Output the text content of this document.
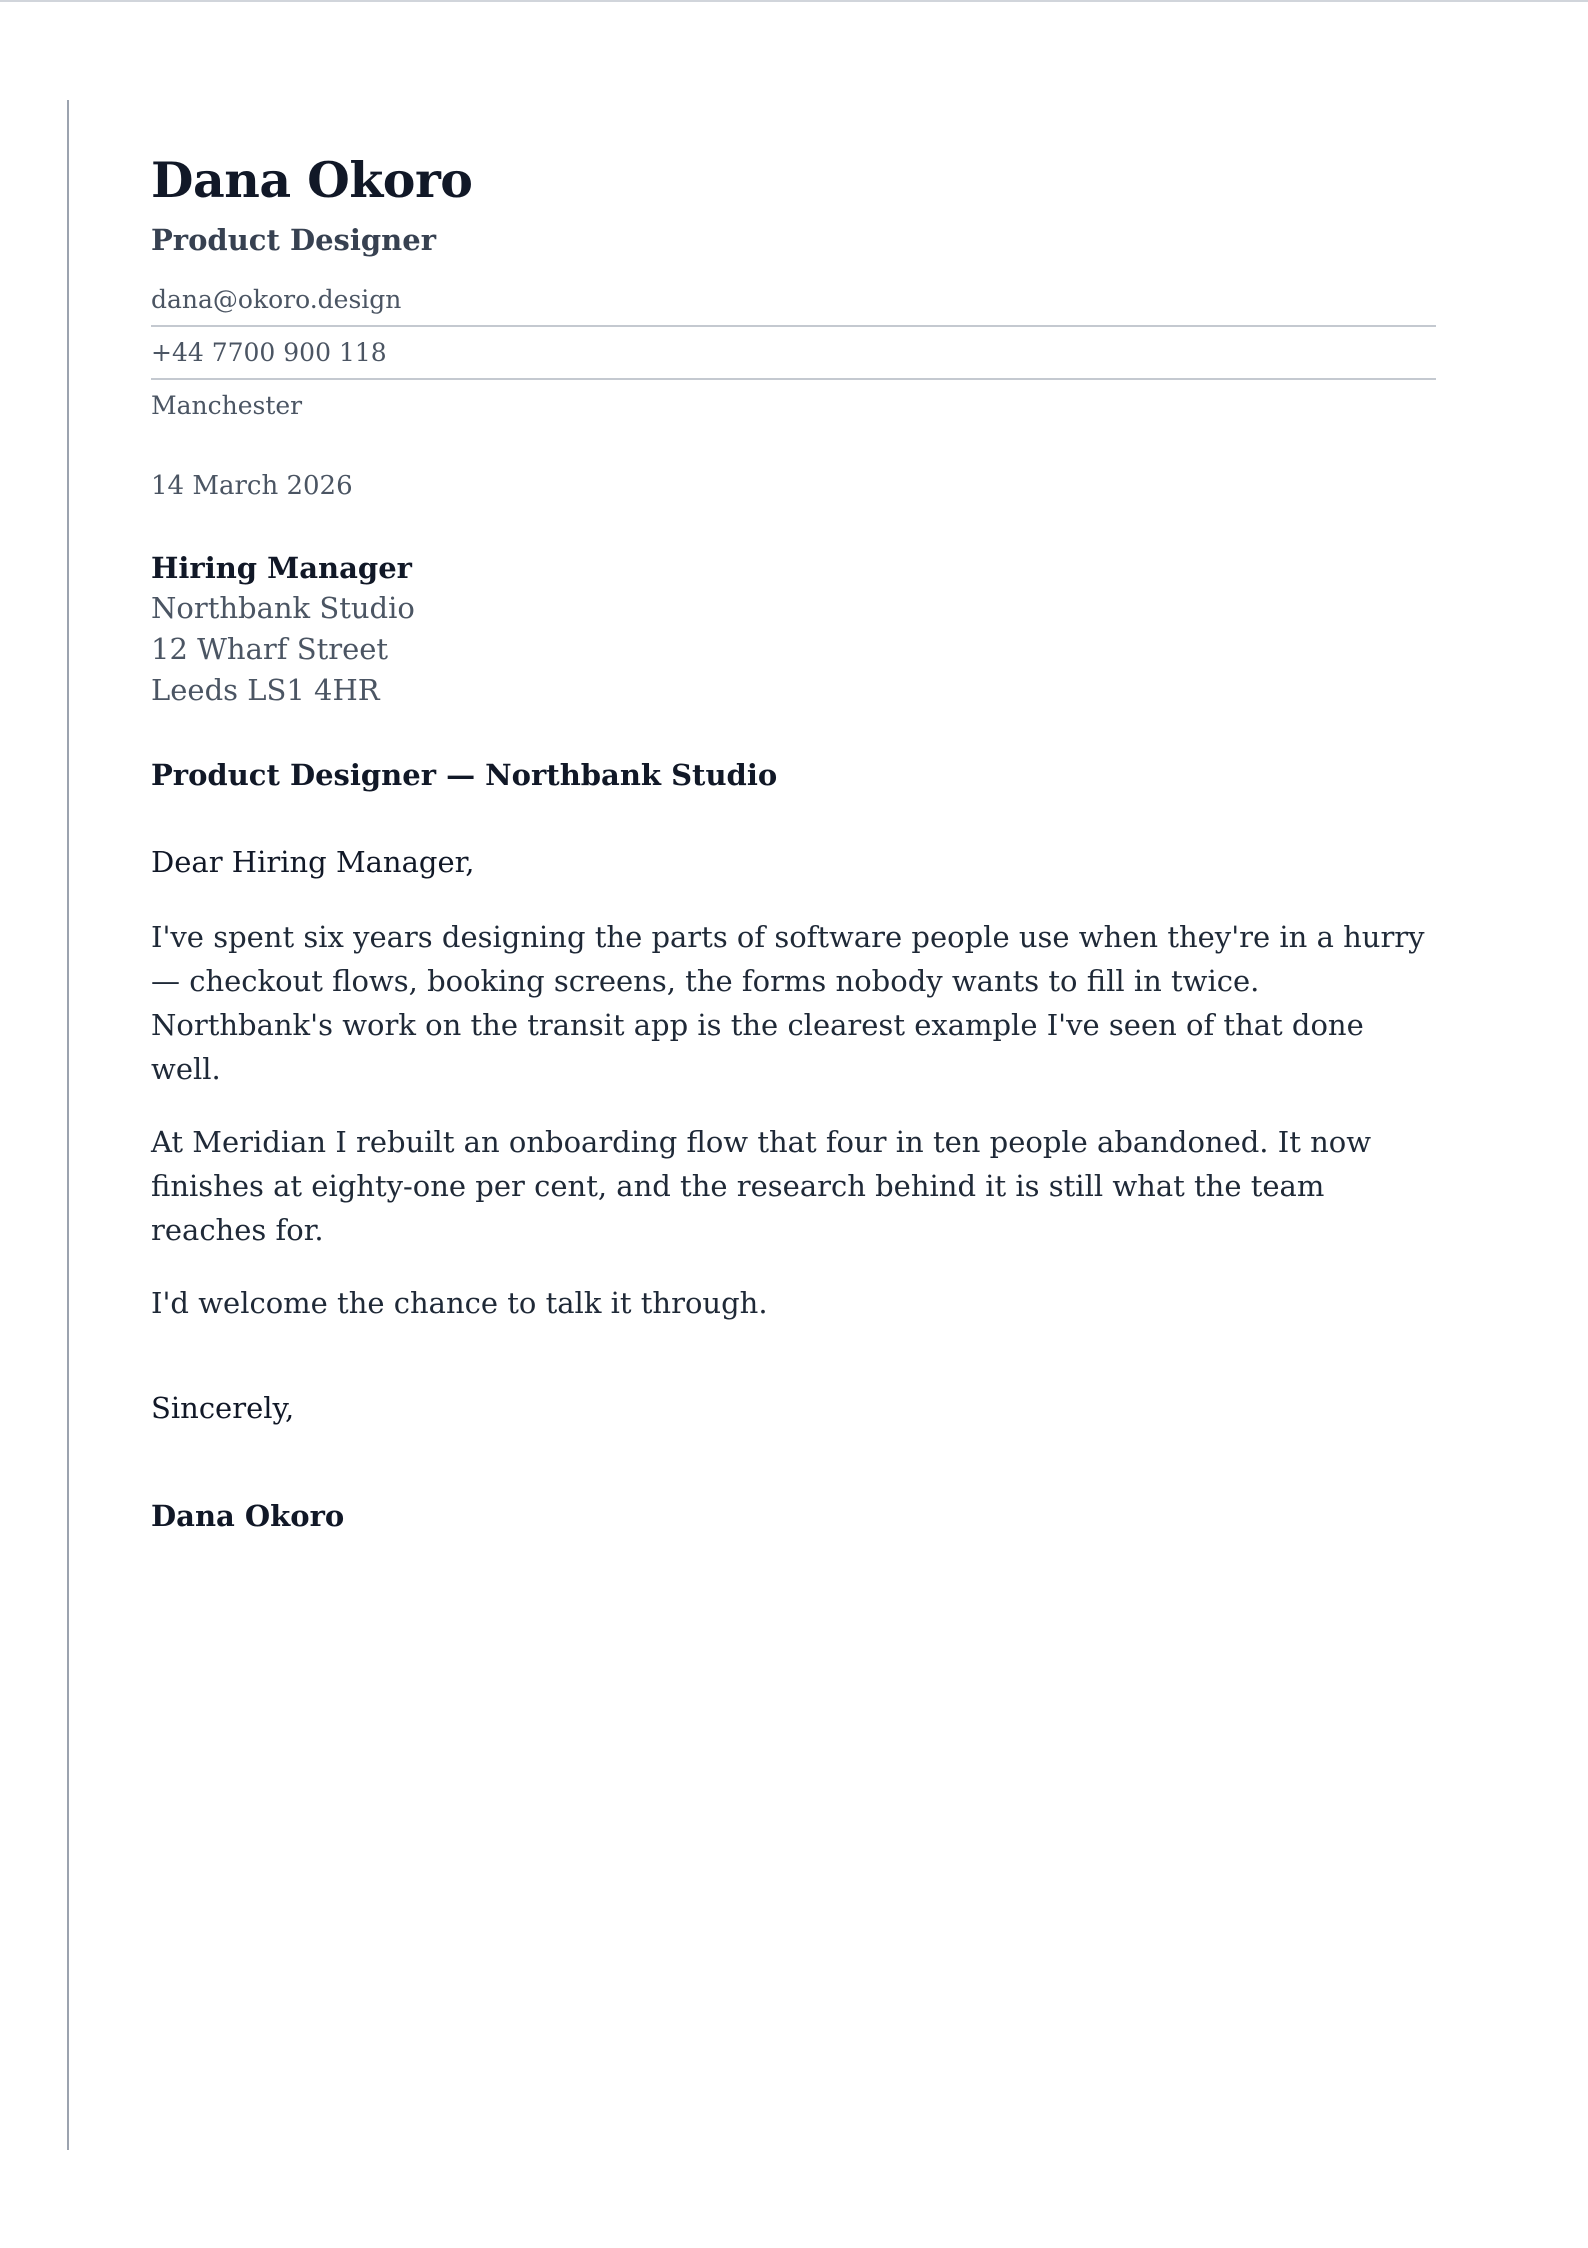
Dana Okoro
Product Designer
dana@okoro.design
+44 7700 900 118
Manchester
14 March 2026
Hiring Manager
Northbank Studio
12 Wharf Street
Leeds LS1 4HR
Product Designer — Northbank Studio
Dear Hiring Manager,

I've spent six years designing the parts of software people use when they're in a hurry — checkout flows, booking screens, the forms nobody wants to fill in twice. Northbank's work on the transit app is the clearest example I've seen of that done well.

At Meridian I rebuilt an onboarding flow that four in ten people abandoned. It now finishes at eighty-one per cent, and the research behind it is still what the team reaches for.

I'd welcome the chance to talk it through.

Sincerely,
Dana Okoro
